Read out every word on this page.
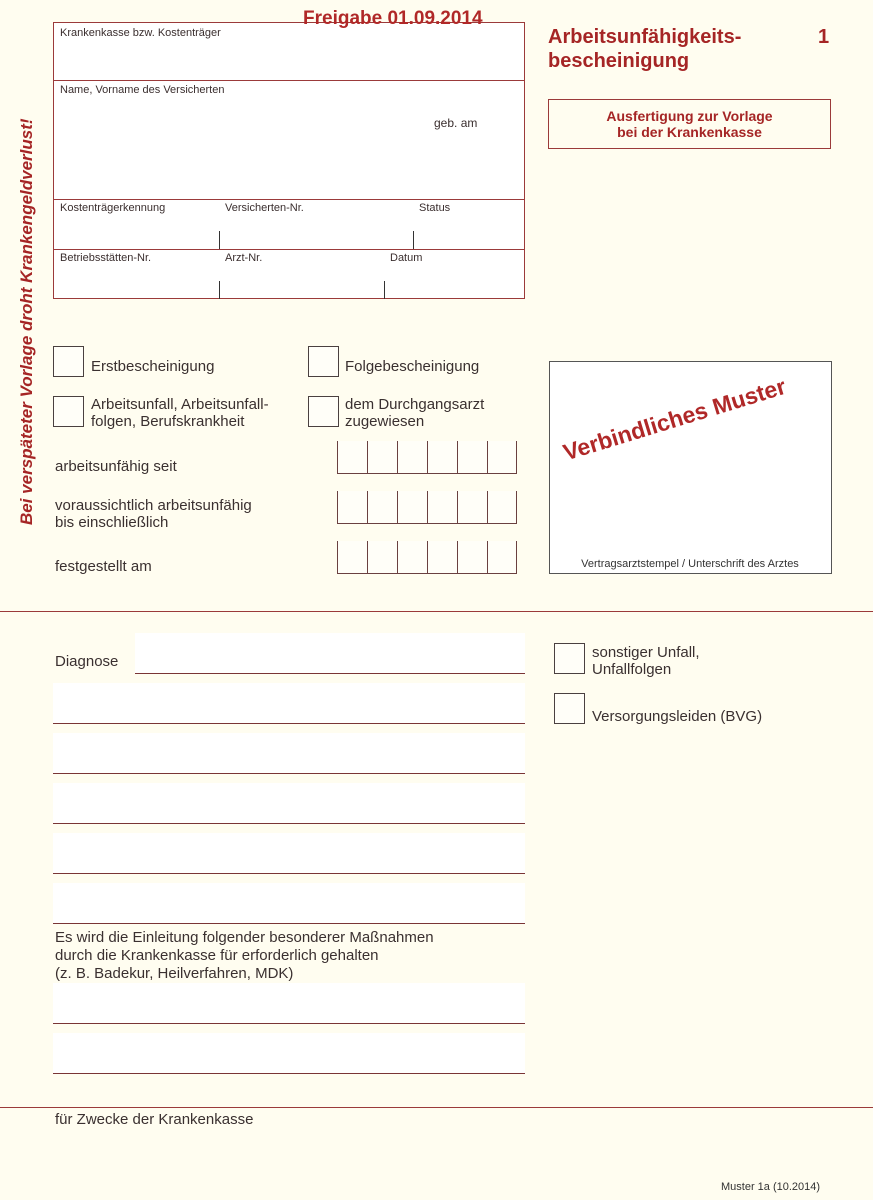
Bei verspäteter Vorlage droht Krankengeldverlust!
Krankenkasse bzw. Kostenträger
Name, Vorname des Versicherten
geb. am
Kostenträgerkennung	Versicherten-Nr.	Status
Betriebsstätten-Nr.	Arzt-Nr.	Datum
Freigabe 01.09.2014
Arbeitsunfähigkeits-	1
bescheinigung
Ausfertigung zur Vorlage
bei der Krankenkasse
Erstbescheinigung	Folgebescheinigung
Arbeitsunfall, Arbeitsunfall-
folgen, Berufskrankheit
dem Durchgangsarzt
zugewiesen
arbeitsunfähig seit
voraussichtlich arbeitsunfähig
bis einschließlich
festgestellt am
Verbindliches Muster
Vertragsarztstempel / Unterschrift des Arztes
Diagnose
sonstiger Unfall,
Unfallfolgen
Versorgungsleiden (BVG)
Es wird die Einleitung folgender besonderer Maßnahmen
durch die Krankenkasse für erforderlich gehalten
(z. B. Badekur, Heilverfahren, MDK)
für Zwecke der Krankenkasse
Muster 1a (10.2014)
